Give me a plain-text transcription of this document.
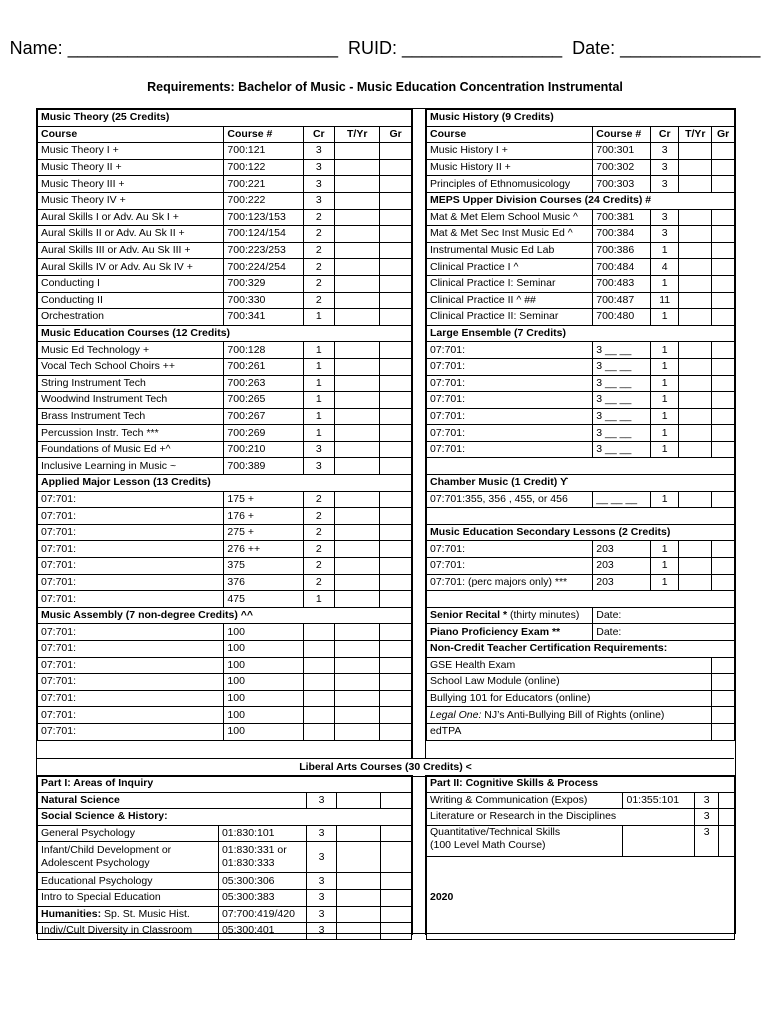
Name: ___________________________  RUID: ________________  Date: ______________
Requirements: Bachelor of Music - Music Education Concentration Instrumental
Music Theory (25 Credits)				
Course	Course #	Cr	T/Yr	Gr
Music Theory I +	700:121	3		
Music Theory II +	700:122	3		
Music Theory III +	700:221	3		
Music Theory IV +	700:222	3		
Aural Skills I or Adv. Au Sk I +	700:123/153	2		
Aural Skills II or Adv. Au Sk II +	700:124/154	2		
Aural Skills III or Adv. Au Sk III +	700:223/253	2		
Aural Skills IV or Adv. Au Sk IV +	700:224/254	2		
Conducting I	700:329	2		
Conducting II	700:330	2		
Orchestration	700:341	1		
Music Education Courses (12 Credits)				
Music Ed Technology +	700:128	1		
Vocal Tech School Choirs ++	700:261	1		
String Instrument Tech	700:263	1		
Woodwind Instrument Tech	700:265	1		
Brass Instrument Tech	700:267	1		
Percussion Instr. Tech ***	700:269	1		
Foundations of Music Ed +^	700:210	3		
Inclusive Learning in Music ~	700:389	3		
Applied Major Lesson (13 Credits)				
07:701:	175 +	2		
07:701:	176 +	2		
07:701:	275 +	2		
07:701:	276 ++	2		
07:701:	375	2		
07:701:	376	2		
07:701:	475	1		
Music Assembly (7 non-degree Credits) ^^				
07:701:	100			
07:701:	100			
07:701:	100			
07:701:	100			
07:701:	100			
07:701:	100			
07:701:	100			
Music History (9 Credits)				
Course	Course #	Cr	T/Yr	Gr
Music History I +	700:301	3		
Music History II +	700:302	3		
Principles of Ethnomusicology	700:303	3		
MEPS Upper Division Courses (24 Credits) #				
Mat & Met Elem School Music ^	700:381	3		
Mat & Met Sec Inst Music Ed ^	700:384	3		
Instrumental Music Ed Lab	700:386	1		
Clinical Practice I ^	700:484	4		
Clinical Practice I: Seminar	700:483	1		
Clinical Practice II ^ ##	700:487	11		
Clinical Practice II: Seminar	700:480	1		
Large Ensemble (7 Credits)				
07:701:	3 __ __	1		
07:701:	3 __ __	1		
07:701:	3 __ __	1		
07:701:	3 __ __	1		
07:701:	3 __ __	1		
07:701:	3 __ __	1		
07:701:	3 __ __	1		

Chamber Music (1 Credit) ϒ				
07:701:355, 356 , 455, or 456	__ __ __	1		

Music Education Secondary Lessons (2 Credits)				
07:701:	203	1		
07:701:	203	1		
07:701: (perc majors only) ***	203	1		

Senior Recital * (thirty minutes)	Date:			
Piano Proficiency Exam **	Date:			
Non-Credit Teacher Certification Requirements:				
GSE Health Exam				
School Law Module (online)				
Bullying 101 for Educators (online)				
Legal One: NJ’s Anti-Bullying Bill of Rights (online)				
edTPA				
Liberal Arts Courses (30 Credits) <
Part I: Areas of Inquiry				
Natural Science		3		
Social Science & History:				
General Psychology	01:830:101	3		
Infant/Child Development or
Adolescent Psychology	01:830:331 or
01:830:333	3		
Educational Psychology	05:300:306	3		
Intro to Special Education	05:300:383	3		
Humanities: Sp. St. Music Hist.	07:700:419/420	3		
Indiv/Cult Diversity in Classroom	05:300:401	3		
Part II: Cognitive Skills & Process			
Writing & Communication (Expos)	01:355:101	3	
Literature or Research in the Disciplines		3	
Quantitative/Technical Skills
(100 Level Math Course)		3	
2020			
